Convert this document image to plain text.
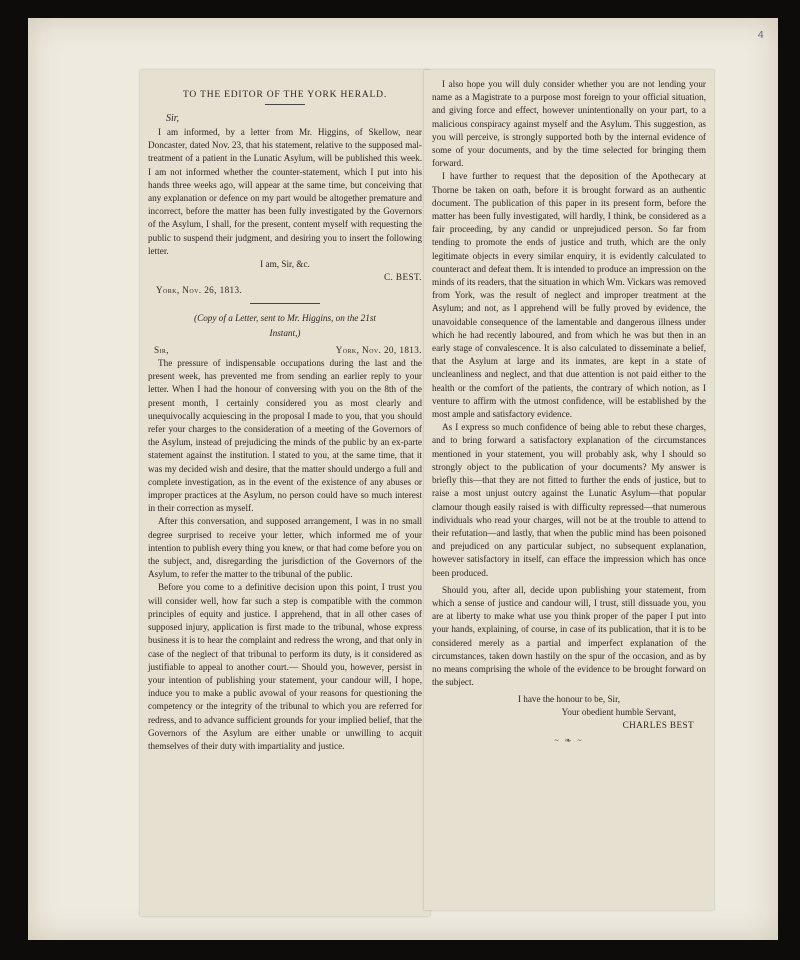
4
TO THE EDITOR OF THE YORK HERALD.
Sir,

I am informed, by a letter from Mr. Higgins, of Skellow, near Doncaster, dated Nov. 23, that his statement, relative to the supposed mal-treatment of a patient in the Lunatic Asylum, will be published this week. I am not informed whether the counter-statement, which I put into his hands three weeks ago, will appear at the same time, but conceiving that any explanation or defence on my part would be altogether premature and incorrect, before the matter has been fully investigated by the Governors of the Asylum, I shall, for the present, content myself with requesting the public to suspend their judgment, and desiring you to insert the following letter.

I am, Sir, &c.
C. BEST.
York, Nov. 26, 1813.
(Copy of a Letter, sent to Mr. Higgins, on the 21st
Instant,)
Sir,	York, Nov. 20, 1813.

The pressure of indispensable occupations during the last and the present week, has prevented me from sending an earlier reply to your letter. When I had the honour of conversing with you on the 8th of the present month, I certainly considered you as most clearly and unequivocally acquiescing in the proposal I made to you, that you should refer your charges to the consideration of a meeting of the Governors of the Asylum, instead of prejudicing the minds of the public by an ex-parte statement against the institution. I stated to you, at the same time, that it was my decided wish and desire, that the matter should undergo a full and complete investigation, as in the event of the existence of any abuses or improper practices at the Asylum, no person could have so much interest in their correction as myself.

After this conversation, and supposed arrangement, I was in no small degree surprised to receive your letter, which informed me of your intention to publish every thing you knew, or that had come before you on the subject, and, disregarding the jurisdiction of the Governors of the Asylum, to refer the matter to the tribunal of the public.

Before you come to a definitive decision upon this point, I trust you will consider well, how far such a step is compatible with the common principles of equity and justice. I apprehend, that in all other cases of supposed injury, application is first made to the tribunal, whose express business it is to hear the complaint and redress the wrong, and that only in case of the neglect of that tribunal to perform its duty, is it considered as justifiable to appeal to another court.— Should you, however, persist in your intention of publishing your statement, your candour will, I hope, induce you to make a public avowal of your reasons for questioning the competency or the integrity of the tribunal to which you are referred for redress, and to advance sufficient grounds for your implied belief, that the Governors of the Asylum are either unable or unwilling to acquit themselves of their duty with impartiality and justice.

I also hope you will duly consider whether you are not lending your name as a Magistrate to a purpose most foreign to your official situation, and giving force and effect, however unintentionally on your part, to a malicious conspiracy against myself and the Asylum. This suggestion, as you will perceive, is strongly supported both by the internal evidence of some of your documents, and by the time selected for bringing them forward.

I have further to request that the deposition of the Apothecary at Thorne be taken on oath, before it is brought forward as an authentic document. The publication of this paper in its present form, before the matter has been fully investigated, will hardly, I think, be considered as a fair proceeding, by any candid or unprejudiced person. So far from tending to promote the ends of justice and truth, which are the only legitimate objects in every similar enquiry, it is evidently calculated to counteract and defeat them. It is intended to produce an impression on the minds of its readers, that the situation in which Wm. Vickars was removed from York, was the result of neglect and improper treatment at the Asylum; and not, as I apprehend will be fully proved by evidence, the unavoidable consequence of the lamentable and dangerous illness under which he had recently laboured, and from which he was but then in an early stage of convalescence. It is also calculated to disseminate a belief, that the Asylum at large and its inmates, are kept in a state of uncleanliness and neglect, and that due attention is not paid either to the health or the comfort of the patients, the contrary of which notion, as I venture to affirm with the utmost confidence, will be established by the most ample and satisfactory evidence.

As I express so much confidence of being able to rebut these charges, and to bring forward a satisfactory explanation of the circumstances mentioned in your statement, you will probably ask, why I should so strongly object to the publication of your documents? My answer is briefly this—that they are not fitted to further the ends of justice, but to raise a most unjust outcry against the Lunatic Asylum—that popular clamour though easily raised is with difficulty repressed—that numerous individuals who read your charges, will not be at the trouble to attend to their refutation—and lastly, that when the public mind has been poisoned and prejudiced on any particular subject, no subsequent explanation, however satisfactory in itself, can efface the impression which has once been produced.

Should you, after all, decide upon publishing your statement, from which a sense of justice and candour will, I trust, still dissuade you, you are at liberty to make what use you think proper of the paper I put into your hands, explaining, of course, in case of its publication, that it is to be considered merely as a partial and imperfect explanation of the circumstances, taken down hastily on the spur of the occasion, and as by no means comprising the whole of the evidence to be brought forward on the subject.

I have the honour to be, Sir,
Your obedient humble Servant,
CHARLES BEST
~ ❧ ~
